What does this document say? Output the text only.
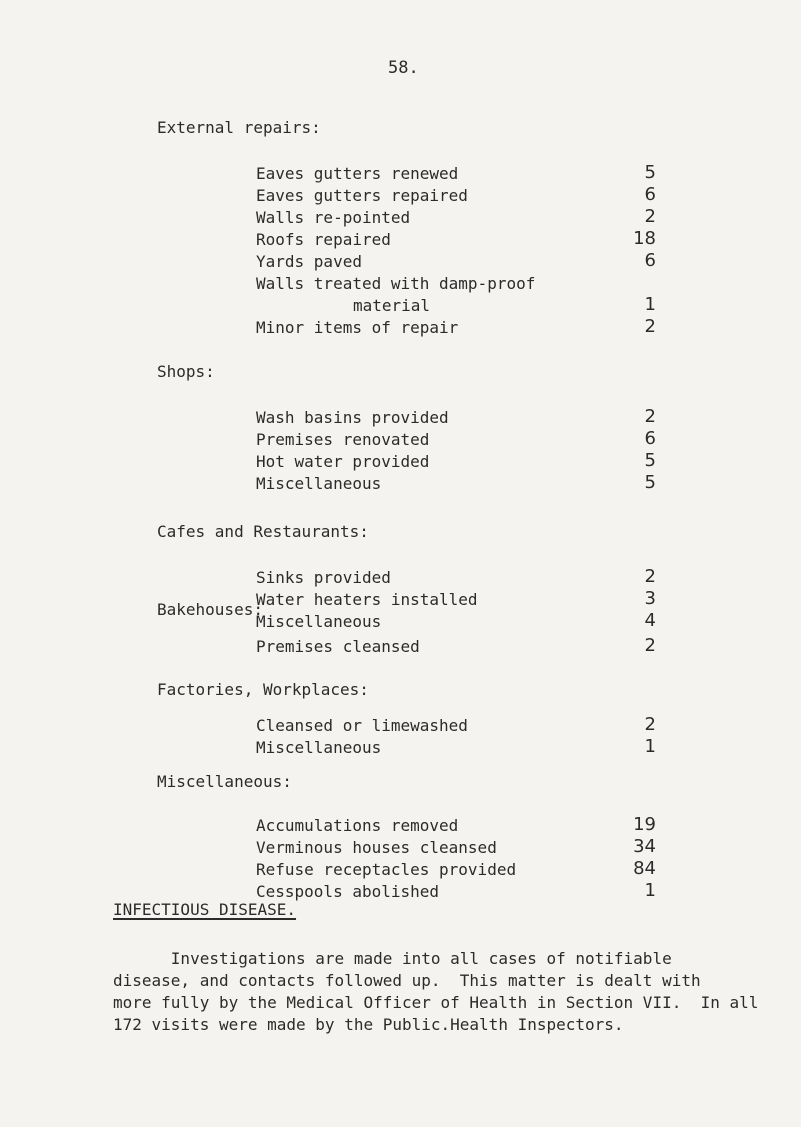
58.
External repairs:
Eaves gutters renewed	5
Eaves gutters repaired	6
Walls re-pointed	2
Roofs repaired	18
Yards paved	6
Walls treated with damp-proof
material	1
Minor items of repair	2
Shops:
Wash basins provided	2
Premises renovated	6
Hot water provided	5
Miscellaneous	5
Cafes and Restaurants:
Sinks provided	2
Water heaters installed	3
Miscellaneous	4
Bakehouses:
Premises cleansed	2
Factories, Workplaces:
Cleansed or limewashed	2
Miscellaneous	1
Miscellaneous:
Accumulations removed	19
Verminous houses cleansed	34
Refuse receptacles provided	84
Cesspools abolished	1
INFECTIOUS DISEASE.
Investigations are made into all cases of notifiable
disease, and contacts followed up.  This matter is dealt with
more fully by the Medical Officer of Health in Section VII.  In all
172 visits were made by the Public.Health Inspectors.
